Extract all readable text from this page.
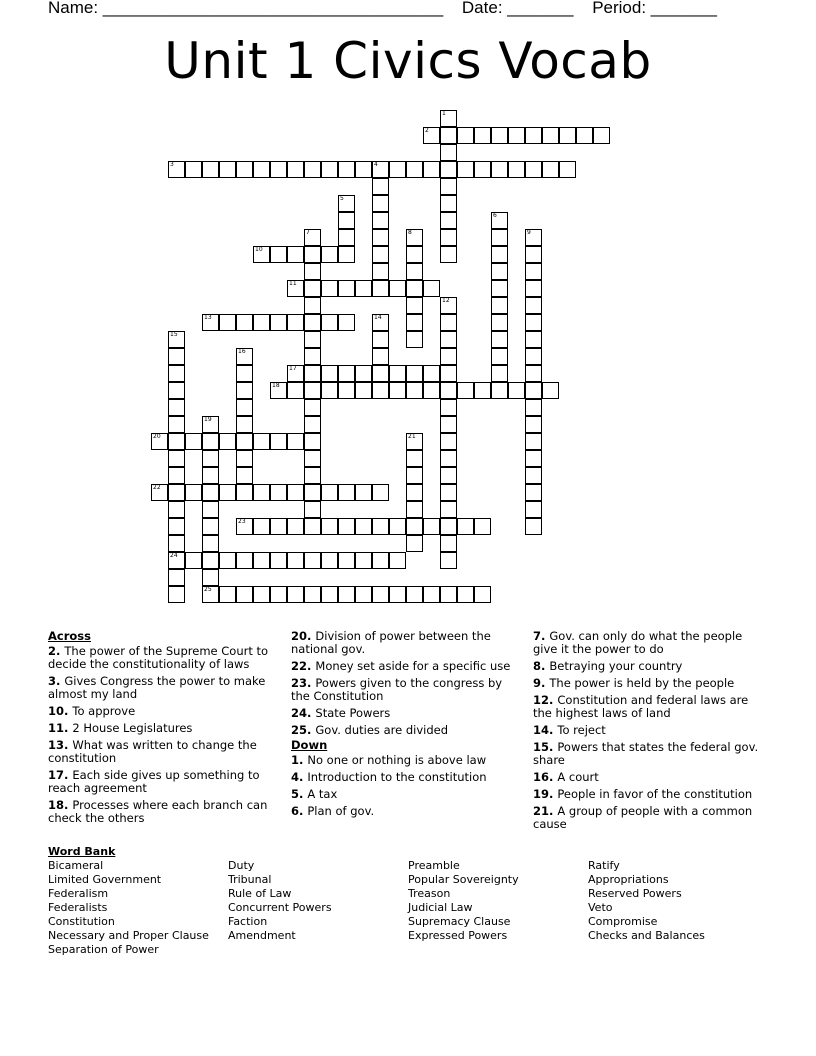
Name: ____________________________________ Date: _______ Period: _______
Unit 1 Civics Vocab
2
3	4
10
11
13
17
18
20
22
23
24
25
1
5
6
7	8	9
12
14
15
16
19
21
Across
2. The power of the Supreme Court to decide the constitutionality of laws
3. Gives Congress the power to make almost my land
10. To approve
11. 2 House Legislatures
13. What was written to change the constitution
17. Each side gives up something to reach agreement
18. Processes where each branch can check the others
20. Division of power between the national gov.
22. Money set aside for a specific use
23. Powers given to the congress by the Constitution
24. State Powers
25. Gov. duties are divided
Down
1. No one or nothing is above law
4. Introduction to the constitution
5. A tax
6. Plan of gov.
7. Gov. can only do what the people give it the power to do
8. Betraying your country
9. The power is held by the people
12. Constitution and federal laws are the highest laws of land
14. To reject
15. Powers that states the federal gov. share
16. A court
19. People in favor of the constitution
21. A group of people with a common cause
Word Bank
Bicameral
Limited Government
Federalism
Federalists
Constitution
Necessary and Proper Clause
Separation of Power
Duty
Tribunal
Rule of Law
Concurrent Powers
Faction
Amendment
Preamble
Popular Sovereignty
Treason
Judicial Law
Supremacy Clause
Expressed Powers
Ratify
Appropriations
Reserved Powers
Veto
Compromise
Checks and Balances
